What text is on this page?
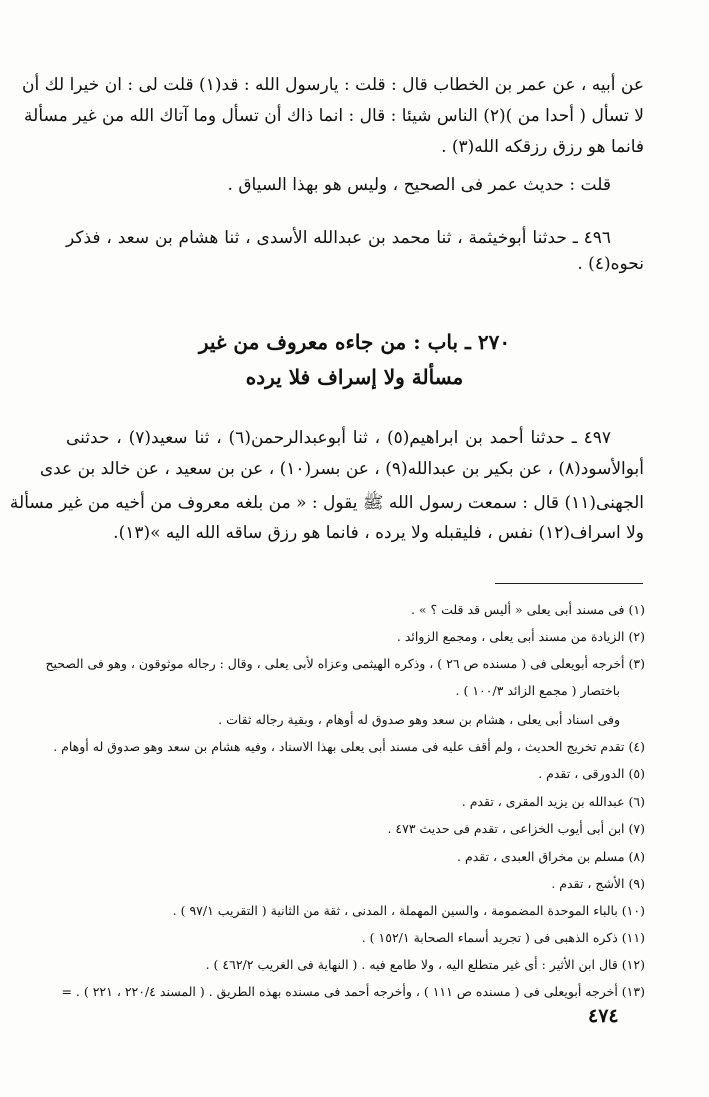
عن أبيه ، عن عمر بن الخطاب قال : قلت : يارسول الله : قد(١) قلت لى : ان خيرا لك أن
لا تسأل ( أحدا من )(٢) الناس شيئا : قال : انما ذاك أن تسأل وما آتاك الله من غير مسألة
فانما هو رزق رزقكه الله(٣) .
قلت : حديث عمر فى الصحيح ، وليس هو بهذا السياق .
٤٩٦ ـ حدثنا أبوخيثمة ، ثنا محمد بن عبدالله الأسدى ، ثنا هشام بن سعد ، فذكر
نحوه(٤) .
٢٧٠ ـ باب : من جاءه معروف من غير
مسألة ولا إسراف فلا يرده
٤٩٧ ـ حدثنا أحمد بن ابراهيم(٥) ، ثنا أبوعبدالرحمن(٦) ، ثنا سعيد(٧) ، حدثنى
أبوالأسود(٨) ، عن بكير بن عبدالله(٩) ، عن بسر(١٠) ، عن بن سعيد ، عن خالد بن عدى
الجهنى(١١) قال : سمعت رسول الله ﷺ يقول : « من بلغه معروف من أخيه من غير مسألة
ولا اسراف(١٢) نفس ، فليقبله ولا يرده ، فانما هو رزق ساقه الله اليه »(١٣).
(١) فى مسند أبى يعلى « أليس قد قلت ؟ » .
(٢) الزيادة من مسند أبى يعلى ، ومجمع الزوائد .
(٣) أخرجه أبويعلى فى ( مسنده ص ٢٦ ) ، وذكره الهيثمى وعزاه لأبى يعلى ، وقال : رجاله موثوقون ، وهو فى الصحيح
باختصار ( مجمع الزائد ١٠٠/٣ ) .
وفى اسناد أبى يعلى ، هشام بن سعد وهو صدوق له أوهام ، وبقية رجاله ثقات .
(٤) تقدم تخريج الحديث ، ولم أقف عليه فى مسند أبى يعلى بهذا الاسناد ، وفيه هشام بن سعد وهو صدوق له أوهام .
(٥) الدورقى ، تقدم .
(٦) عبدالله بن يزيد المقرى ، تقدم .
(٧) ابن أبى أيوب الخزاعى ، تقدم فى حديث ٤٧٣ .
(٨) مسلم بن مخراق العبدى ، تقدم .
(٩) الأشج ، تقدم .
(١٠) بالباء الموحدة المضمومة ، والسين المهملة ، المدنى ، ثقة من الثانية ( التقريب ٩٧/١ ) .
(١١) ذكره الذهبى فى ( تجريد أسماء الصحابة ١٥٢/١ ) .
(١٢) قال ابن الأثير : أى غير متطلع اليه ، ولا طامع فيه . ( النهاية فى الغريب ٤٦٢/٢ ) .
(١٣) أخرجه أبويعلى فى ( مسنده ص ١١١ ) ، وأخرجه أحمد فى مسنده بهذه الطريق . ( المسند ٢٢٠/٤ ، ٢٢١ ) . =
٤٧٤
